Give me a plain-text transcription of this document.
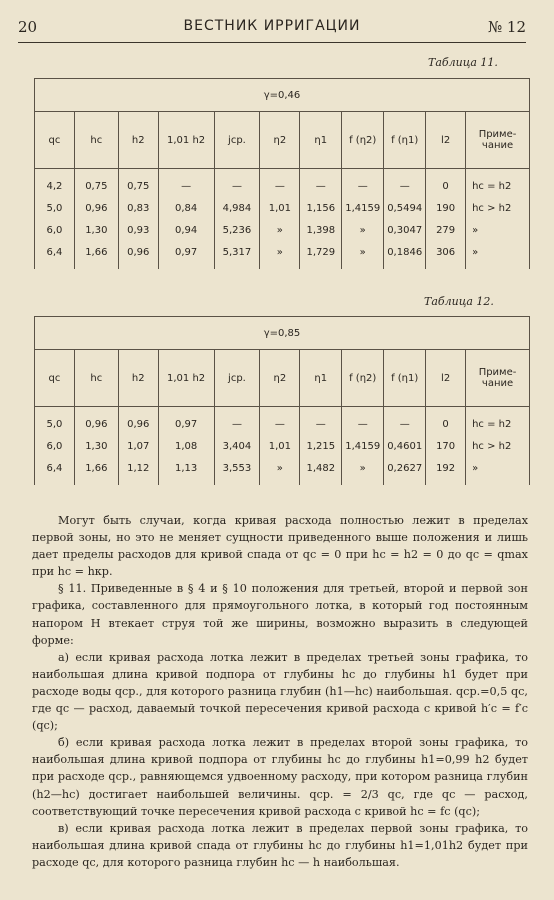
20	ВЕСТНИК ИРРИГАЦИИ	№ 12
Таблица 11.
γ=0,46										
qc	hc	h2	1,01 h2	jср.	η2	η1	f (η2)	f (η1)	l2	Приме-чание
4,2	0,75	0,75	—	—	—	—	—	—	0	hc = h2
5,0	0,96	0,83	0,84	4,984	1,01	1,156	1,4159	0,5494	190	hc > h2
6,0	1,30	0,93	0,94	5,236	»	1,398	»	0,3047	279	»
6,4	1,66	0,96	0,97	5,317	»	1,729	»	0,1846	306	»
Таблица 12.
γ=0,85										
qc	hc	h2	1,01 h2	jср.	η2	η1	f (η2)	f (η1)	l2	Приме-чание
5,0	0,96	0,96	0,97	—	—	—	—	—	0	hc = h2
6,0	1,30	1,07	1,08	3,404	1,01	1,215	1,4159	0,4601	170	hc > h2
6,4	1,66	1,12	1,13	3,553	»	1,482	»	0,2627	192	»

Могут быть случаи, когда кривая расхода полностью лежит в пределах первой зоны, но это не меняет сущности приведенного выше положения и лишь дает пределы расходов для кривой спада от qc = 0 при hc = h2 = 0 до qc = qmax при hc = hкр.

§ 11. Приведенные в § 4 и § 10 положения для третьей, второй и первой зон графика, составленного для прямоугольного лотка, в который год постоянным напором H втекает струя той же ширины, возможно выразить в следующей форме:

а) если кривая расхода лотка лежит в пределах третьей зоны графика, то наибольшая длина кривой подпора от глубины hc до глубины h1 будет при расходе воды qср., для которого разница глубин (h1—hc) наибольшая. qср.=0,5 qc, где qc — расход, даваемый точкой пересечения кривой расхода с кривой h′c = f′c (qc);

б) если кривая расхода лотка лежит в пределах второй зоны графика, то наибольшая длина кривой подпора от глубины hc до глубины h1=0,99 h2 будет при расходе qср., равняющемся удвоенному расходу, при котором разница глубин (h2—hc) достигает наибольшей величины. qср. = 2/3 qc, где qc — расход, соответствующий точке пересечения кривой расхода с кривой hc = fc (qc);

в) если кривая расхода лотка лежит в пределах первой зоны графика, то наибольшая длина кривой спада от глубины hc до глубины h1=1,01h2 будет при расходе qc, для которого разница глубин hc — h наибольшая.
